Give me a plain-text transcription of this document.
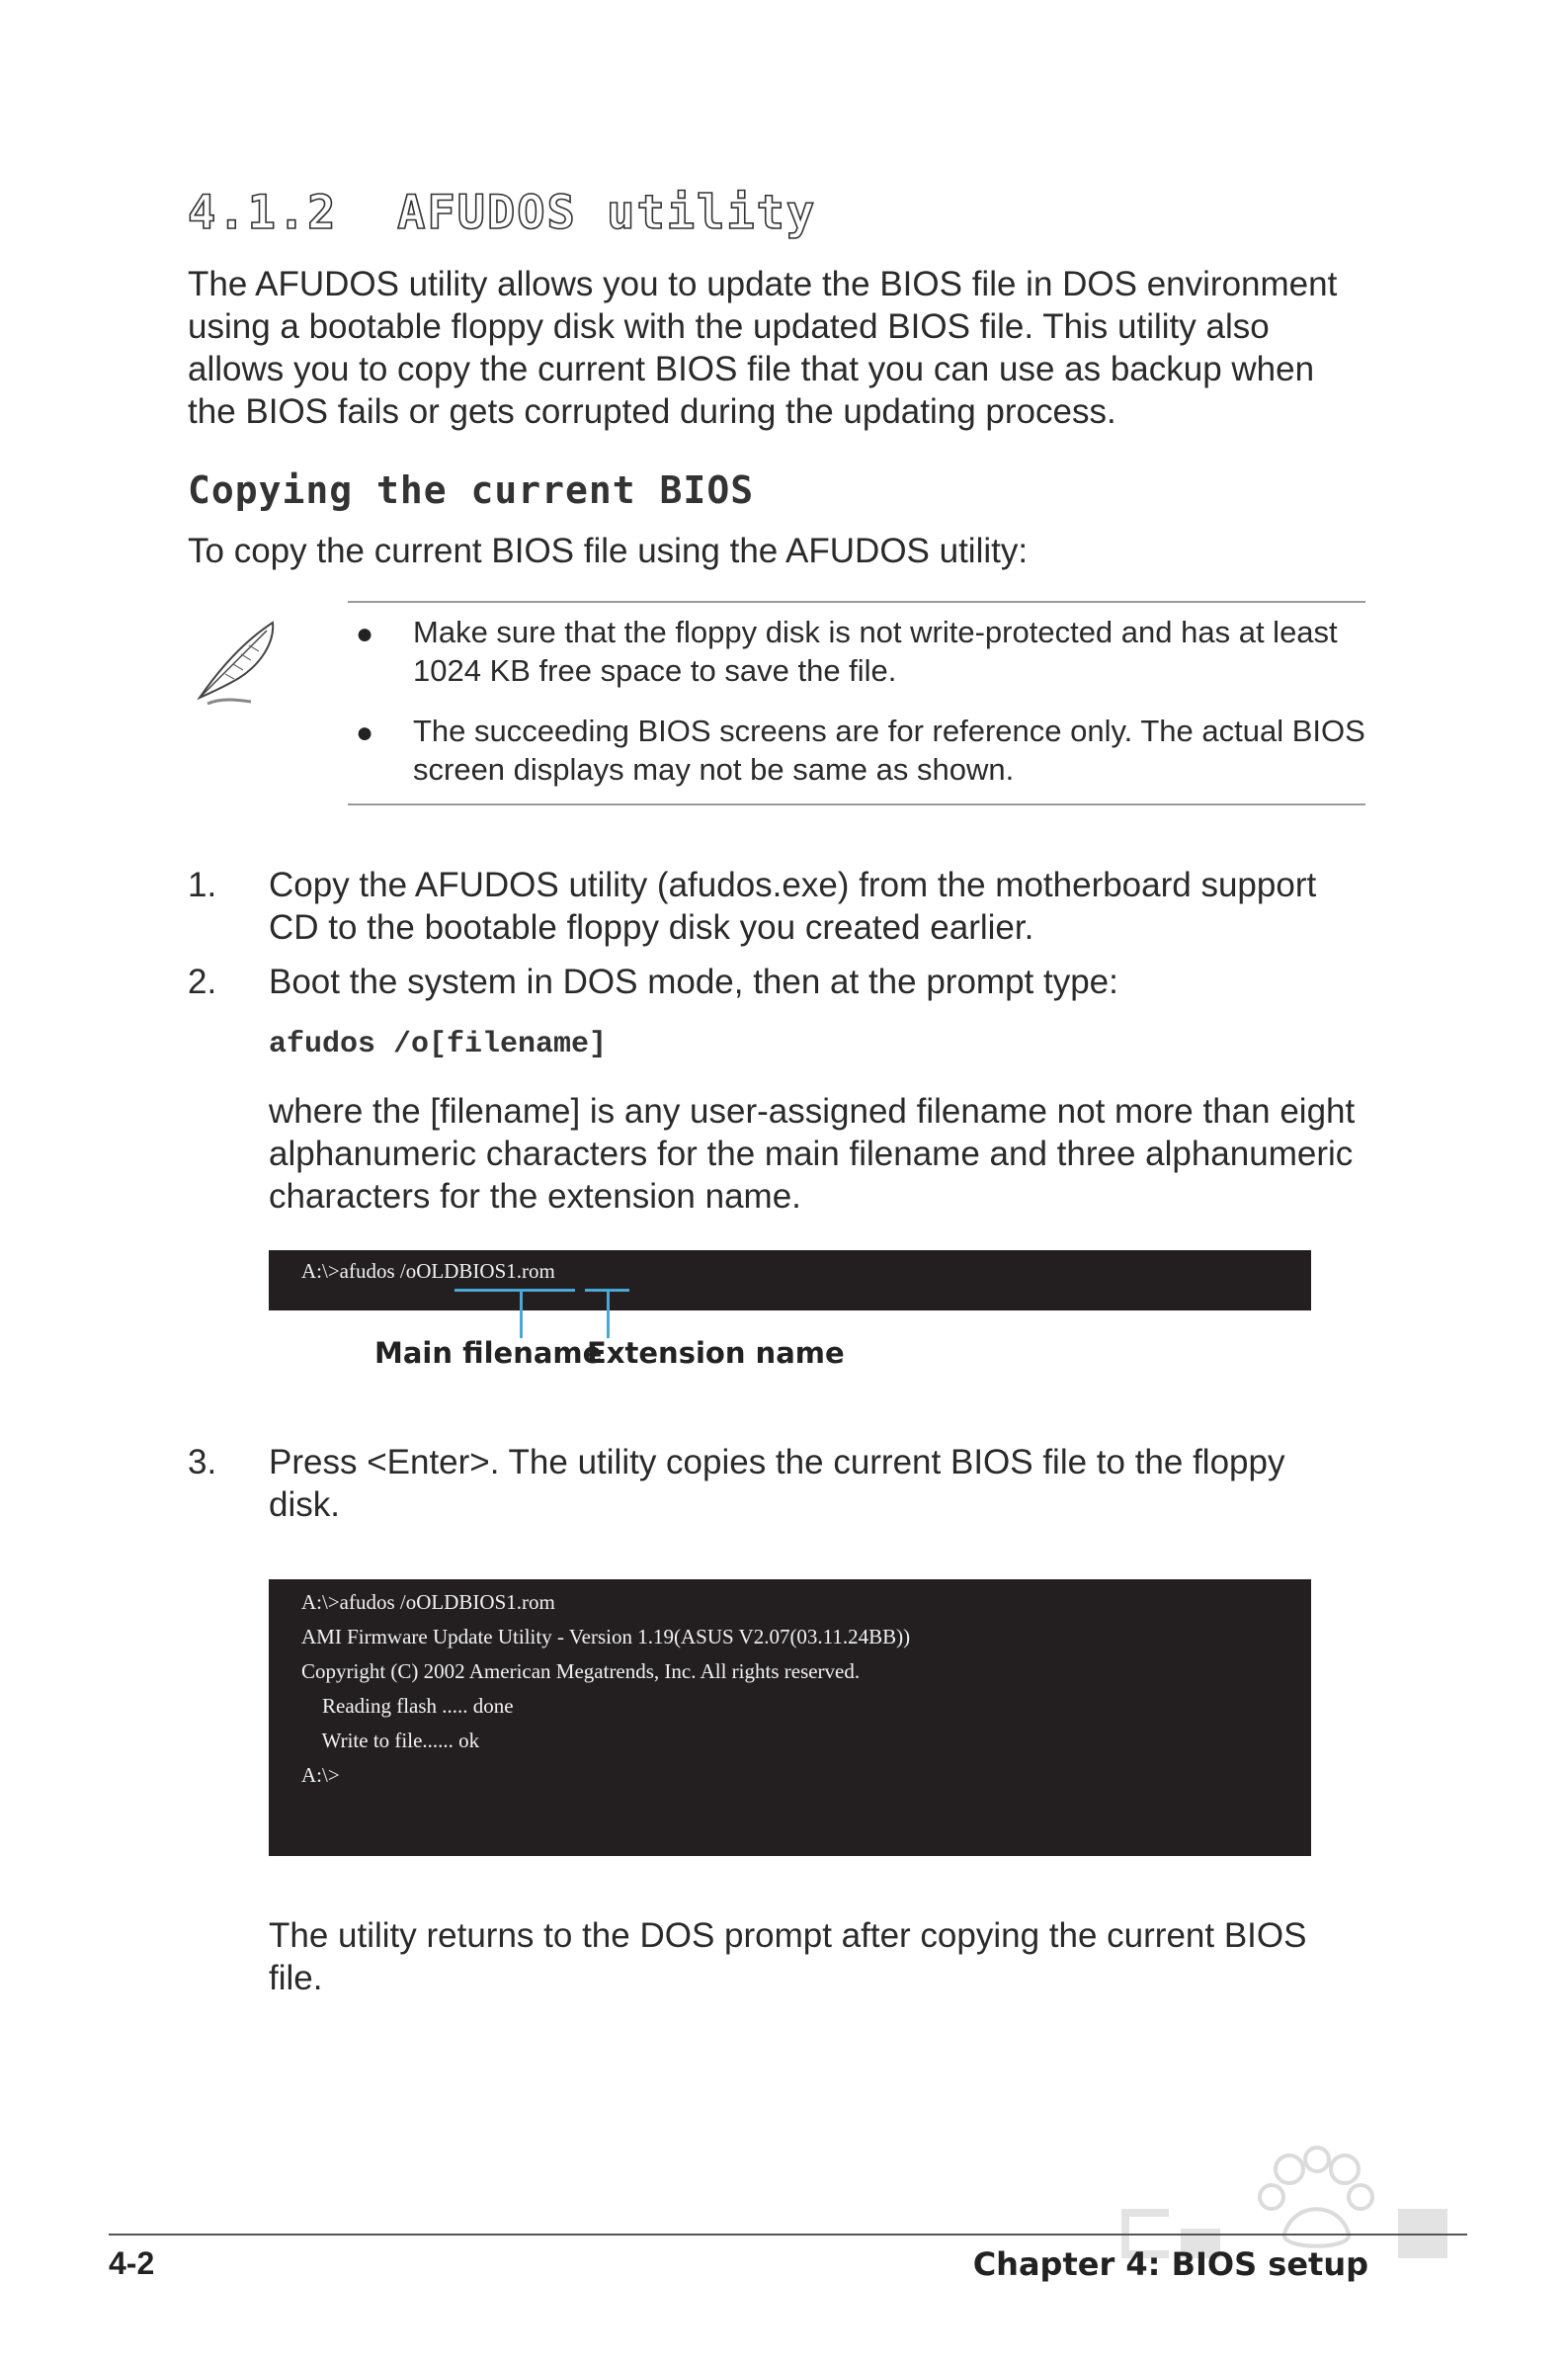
4.1.2 AFUDOS utility
The AFUDOS utility allows you to update the BIOS file in DOS environment using a bootable floppy disk with the updated BIOS file. This utility also allows you to copy the current BIOS file that you can use as backup when the BIOS fails or gets corrupted during the updating process.
Copying the current BIOS
To copy the current BIOS file using the AFUDOS utility:
● Make sure that the floppy disk is not write-protected and has at least 1024 KB free space to save the file.
● The succeeding BIOS screens are for reference only. The actual BIOS screen displays may not be same as shown.
1. Copy the AFUDOS utility (afudos.exe) from the motherboard support CD to the bootable floppy disk you created earlier.
2. Boot the system in DOS mode, then at the prompt type:
afudos /o[filename]
where the [filename] is any user-assigned filename not more than eight alphanumeric characters for the main filename and three alphanumeric characters for the extension name.
A:\>afudos /oOLDBIOS1.rom
Main filename
Extension name
3. Press <Enter>. The utility copies the current BIOS file to the floppy disk.
A:\>afudos /oOLDBIOS1.rom
AMI Firmware Update Utility - Version 1.19(ASUS V2.07(03.11.24BB))
Copyright (C) 2002 American Megatrends, Inc. All rights reserved.
Reading flash ..... done
Write to file...... ok
A:\>
The utility returns to the DOS prompt after copying the current BIOS file.
4-2	Chapter 4: BIOS setup
